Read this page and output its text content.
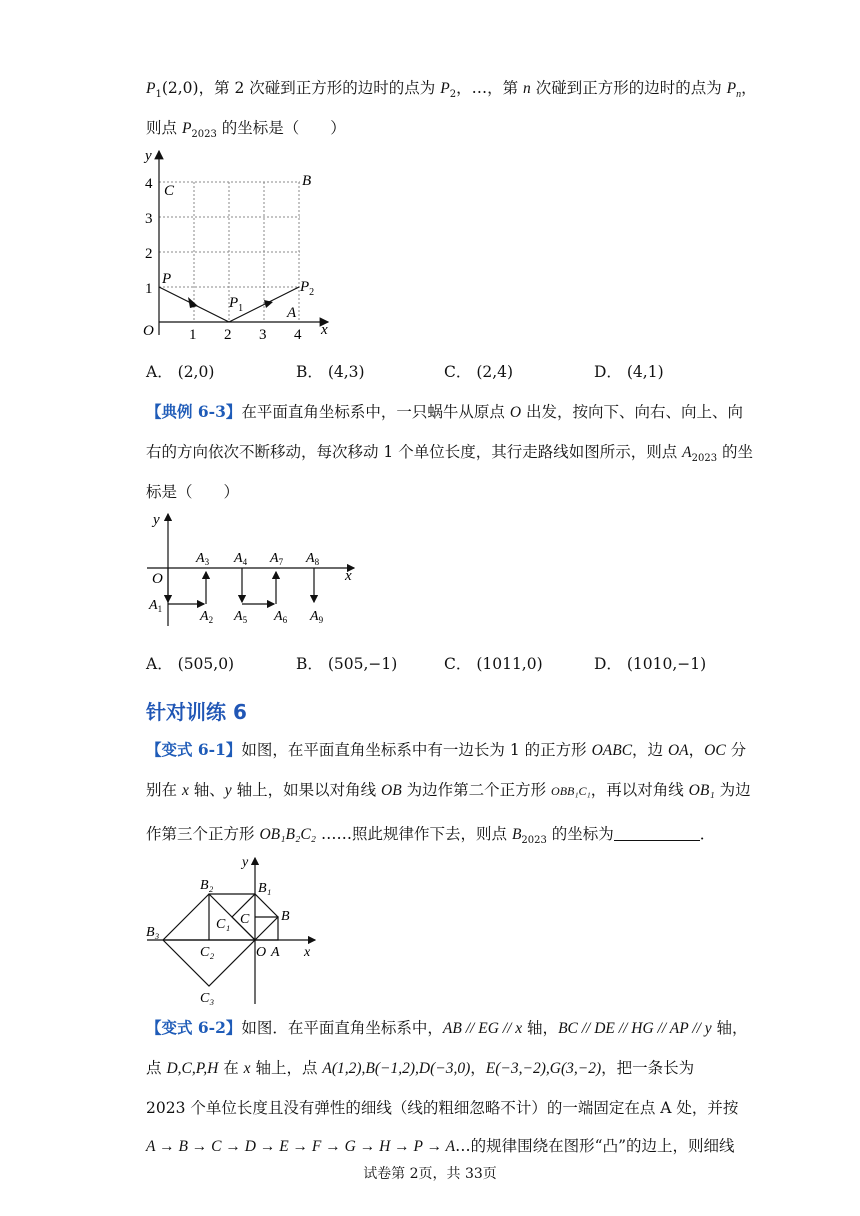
$P_1(2,0)$，第 2 次碰到正方形的边时的点为 $P_2$，…，第 n 次碰到正方形的边时的点为 $P_n$，
则点 $P_{2023}$ 的坐标是（　　）
y
x
O
1
2
3
4
1 2 3 4
C
B
P
A
$P_1$
$P_2$
A． (2,0)	B． (4,3)	C． (2,4)	D． (4,1)
【典例 6-3】在平面直角坐标系中，一只蜗牛从原点 O 出发，按向下、向右、向上、向
右的方向依次不断移动，每次移动 1 个单位长度，其行走路线如图所示，则点 $A_{2023}$ 的坐
标是（　　）
y
x
O
$A_1$	$A_2$
$A_3$ $A_4$
$A_5$ $A_6$
$A_7$ $A_8$
$A_9$
A． (505,0)	B． (505,−1)	C． (1011,0)	D． (1010,−1)
针对训练 6
【变式 6-1】如图，在平面直角坐标系中有一边长为 1 的正方形 OABC，边 OA，OC 分
别在 x 轴、y 轴上，如果以对角线 OB 为边作第二个正方形 OBB₁C₁，再以对角线 OB₁ 为边
作第三个正方形 OB₁B₂C₂ ……照此规律作下去，则点 $B_{2023}$ 的坐标为	．
B₂	B₁
B
B₃
C₁ C
C₂
C₃
O A x
y
【变式 6-2】如图．在平面直角坐标系中，AB // EG // x 轴，BC // DE // HG // AP // y 轴，
点 D,C,P,H 在 x 轴上，点 A(1,2),B(−1,2),D(−3,0)，E(−3,−2),G(3,−2)，把一条长为
2023 个单位长度且没有弹性的细线（线的粗细忽略不计）的一端固定在点 A 处，并按
A → B → C → D → E → F → G → H → P → A…的规律围绕在图形“凸”的边上，则细线
试卷第 2页，共 33页
